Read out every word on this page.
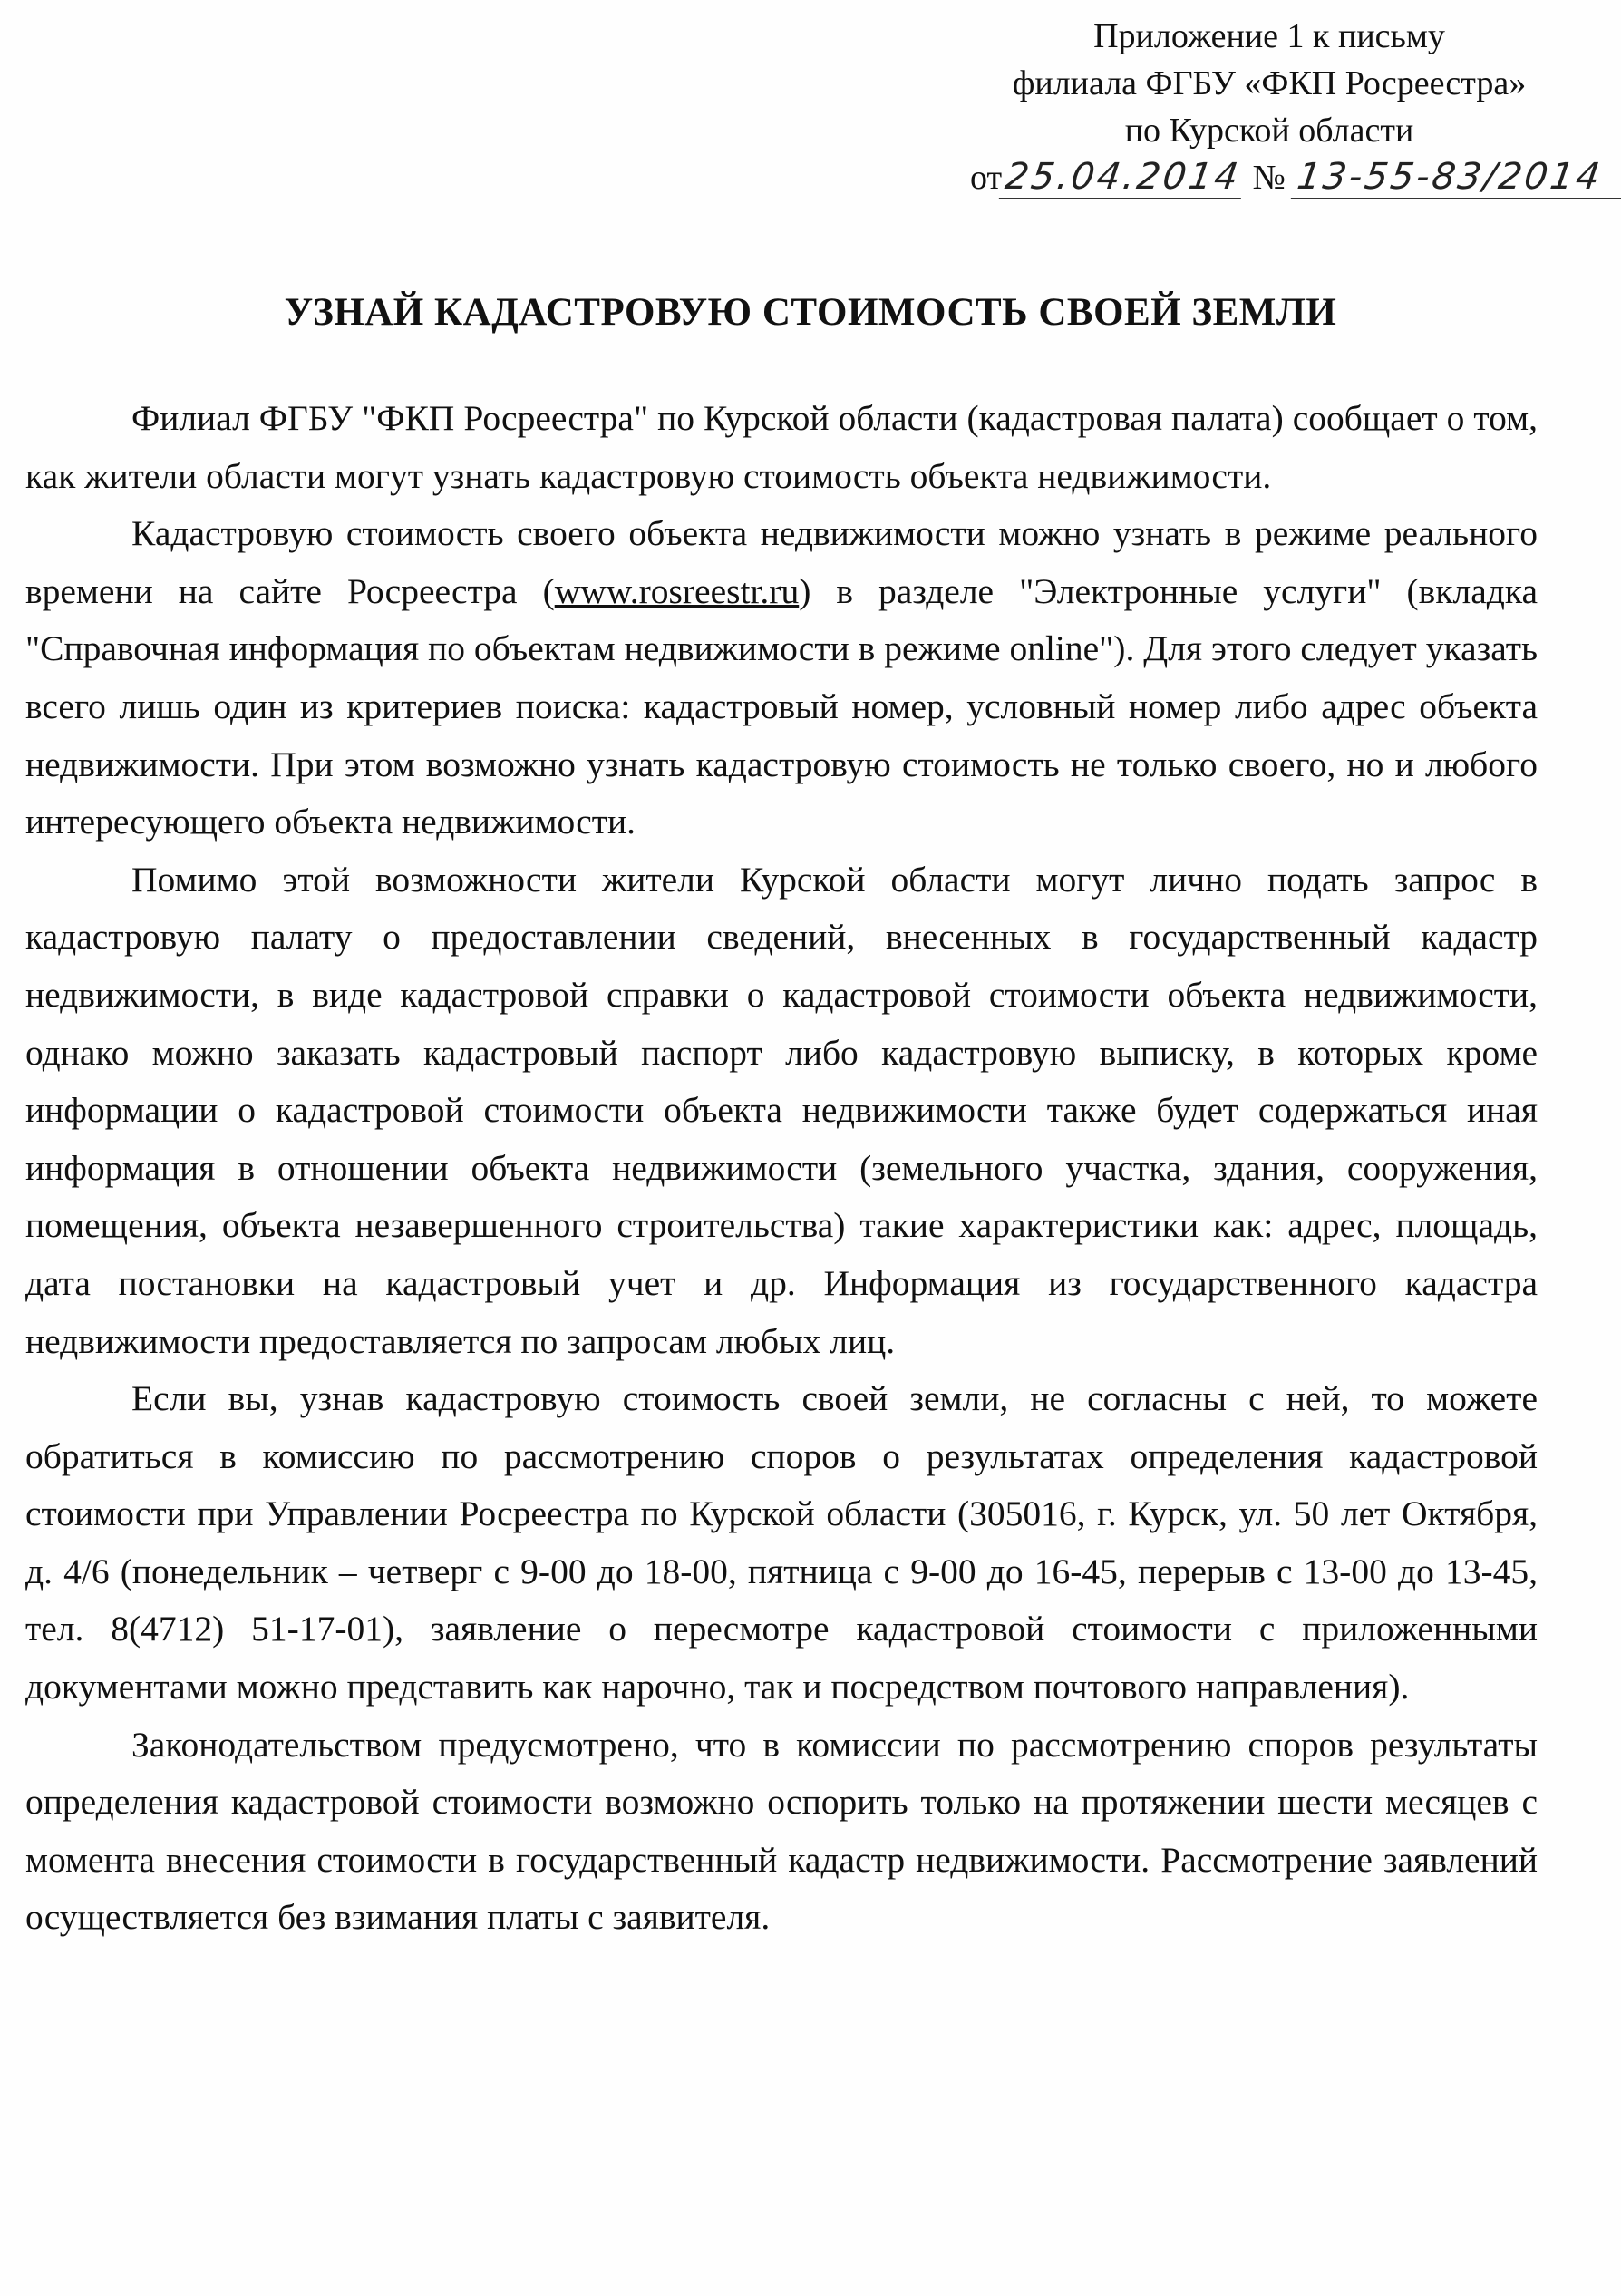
Приложение 1 к письму
филиала ФГБУ «ФКП Росреестра»
по Курской области
от25.04.2014 № 13-55-83/2014
УЗНАЙ КАДАСТРОВУЮ СТОИМОСТЬ СВОЕЙ ЗЕМЛИ

Филиал ФГБУ "ФКП Росреестра" по Курской области (кадастровая палата) сообщает о том, как жители области могут узнать кадастровую стоимость объекта недвижимости.

Кадастровую стоимость своего объекта недвижимости можно узнать в режиме реального времени на сайте Росреестра (www.rosreestr.ru) в разделе "Электронные услуги" (вкладка "Справочная информация по объектам недвижимости в режиме online"). Для этого следует указать всего лишь один из критериев поиска: кадастровый номер, условный номер либо адрес объекта недвижимости. При этом возможно узнать кадастровую стоимость не только своего, но и любого интересующего объекта недвижимости.

Помимо этой возможности жители Курской области могут лично подать запрос в кадастровую палату о предоставлении сведений, внесенных в государственный кадастр недвижимости, в виде кадастровой справки о кадастровой стоимости объекта недвижимости, однако можно заказать кадастровый паспорт либо кадастровую выписку, в которых кроме информации о кадастровой стоимости объекта недвижимости также будет содержаться иная информация в отношении объекта недвижимости (земельного участка, здания, сооружения, помещения, объекта незавершенного строительства) такие характеристики как: адрес, площадь, дата постановки на кадастровый учет и др. Информация из государственного кадастра недвижимости предоставляется по запросам любых лиц.

Если вы, узнав кадастровую стоимость своей земли, не согласны с ней, то можете обратиться в комиссию по рассмотрению споров о результатах определения кадастровой стоимости при Управлении Росреестра по Курской области (305016, г. Курск, ул. 50 лет Октября, д. 4/6 (понедельник – четверг с 9-00 до 18-00, пятница с 9-00 до 16-45, перерыв с 13-00 до 13-45, тел. 8(4712) 51-17-01), заявление о пересмотре кадастровой стоимости с приложенными документами можно представить как нарочно, так и посредством почтового направления).

Законодательством предусмотрено, что в комиссии по рассмотрению споров результаты определения кадастровой стоимости возможно оспорить только на протяжении шести месяцев с момента внесения стоимости в государственный кадастр недвижимости. Рассмотрение заявлений осуществляется без взимания платы с заявителя.
